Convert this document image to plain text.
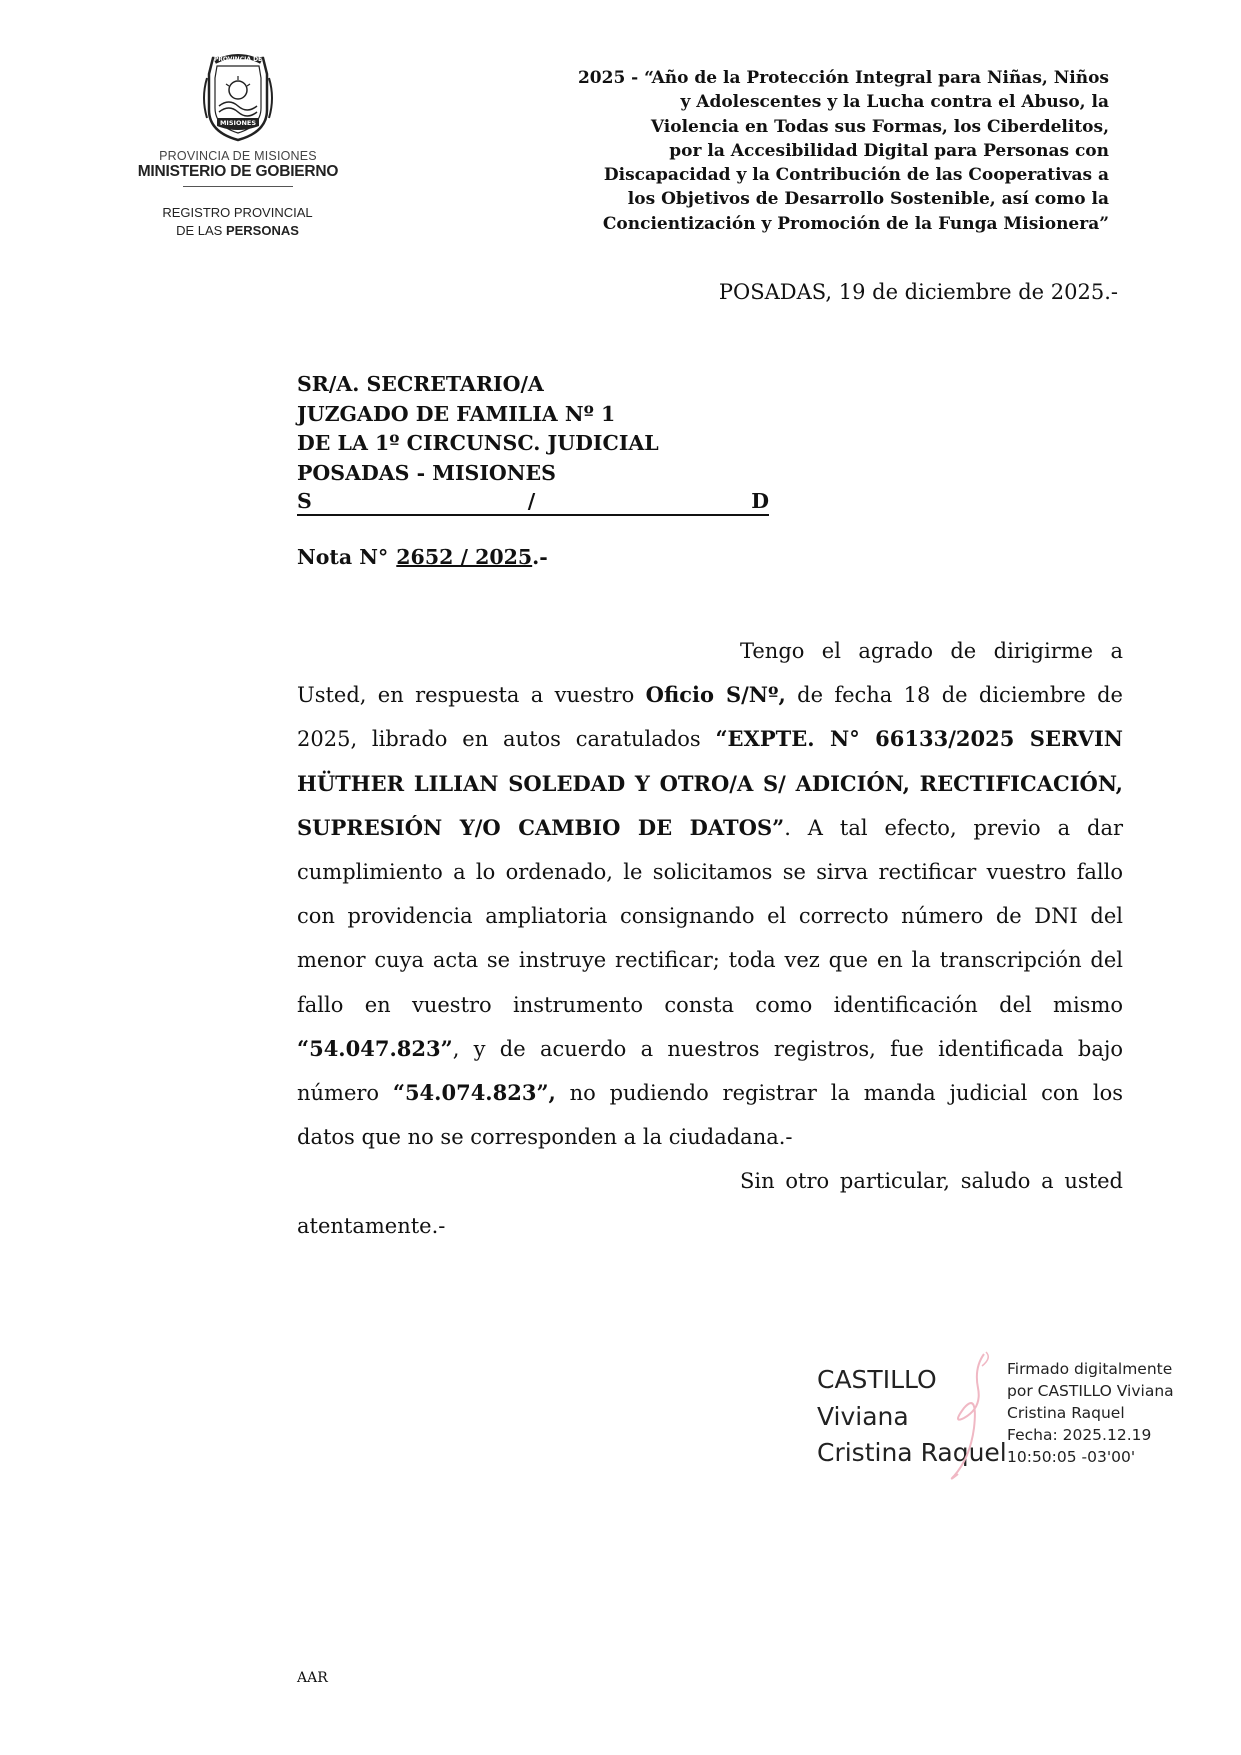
PROVINCIA DE
MISIONES
PROVINCIA DE MISIONES
MINISTERIO DE GOBIERNO
REGISTRO PROVINCIAL
DE LAS PERSONAS
2025 - “Año de la Protección Integral para Niñas, Niños
y Adolescentes y la Lucha contra el Abuso, la
Violencia en Todas sus Formas, los Ciberdelitos,
por la Accesibilidad Digital para Personas con
Discapacidad y la Contribución de las Cooperativas a
los Objetivos de Desarrollo Sostenible, así como la
Concientización y Promoción de la Funga Misionera”
POSADAS, 19 de diciembre de 2025.-
SR/A. SECRETARIO/A
JUZGADO DE FAMILIA Nº 1
DE LA 1º CIRCUNSC. JUDICIAL
POSADAS - MISIONES
S	/	D
Nota N° 2652 / 2025.-

Tengo el agrado de dirigirme a Usted, en respuesta a vuestro Oficio S/Nº, de fecha 18 de diciembre de 2025, librado en autos caratulados “EXPTE. N° 66133/2025 SERVIN HÜTHER LILIAN SOLEDAD Y OTRO/A S/ ADICIÓN, RECTIFICACIÓN, SUPRESIÓN Y/O CAMBIO DE DATOS”. A tal efecto, previo a dar cumplimiento a lo ordenado, le solicitamos se sirva rectificar vuestro fallo con providencia ampliatoria consignando el correcto número de DNI del menor cuya acta se instruye rectificar; toda vez que en la transcripción del fallo en vuestro instrumento consta como identificación del mismo “54.047.823”, y de acuerdo a nuestros registros, fue identificada bajo número “54.074.823”, no pudiendo registrar la manda judicial con los datos que no se corresponden a la ciudadana.-

Sin otro particular, saludo a usted atentamente.-

CASTILLO
Viviana
Cristina Raquel
Firmado digitalmente
por CASTILLO Viviana
Cristina Raquel
Fecha: 2025.12.19
10:50:05 -03'00'
AAR
